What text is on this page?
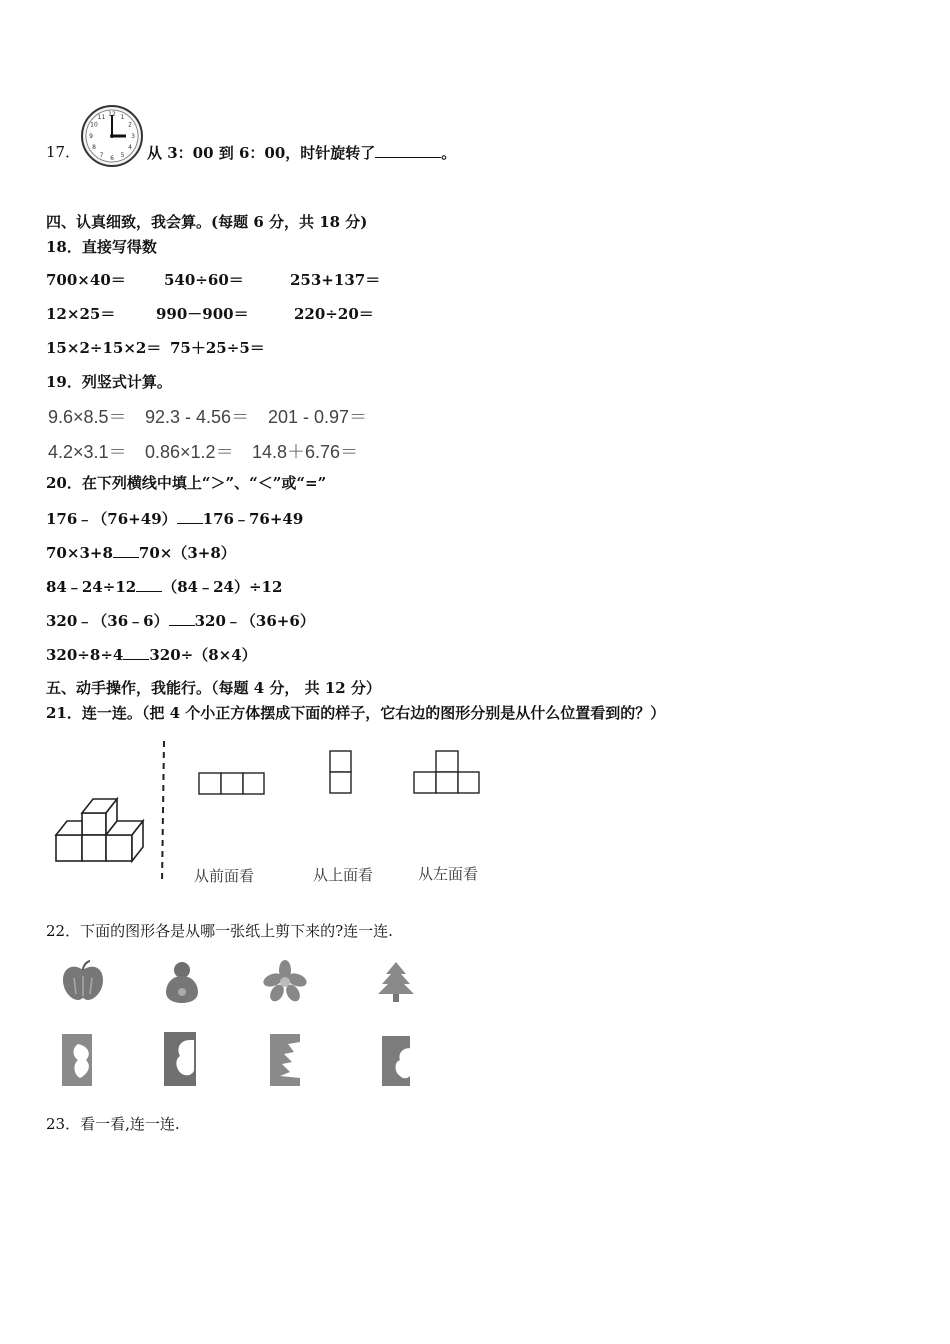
17．
12 1
2
3
4
5
6
7
8
9
10
11
从 3：00 到 6：00，时针旋转了	。
四、认真细致，我会算。(每题 6 分，共 18 分)
18．直接写得数
700×40＝	540÷60＝	253+137＝
12×25＝	990－900＝	220÷20＝
15×2÷15×2＝ 75＋25÷5＝
19．列竖式计算。
9.6×8.5＝ 92.3 - 4.56＝ 201 - 0.97＝
4.2×3.1＝ 0.86×1.2＝ 14.8＋6.76＝
20．在下列横线中填上“＞”、“＜”或“=”
176﹣（76+49） 176﹣76+49
70×3+8 70×（3+8）
84﹣24÷12 （84﹣24）÷12
320﹣（36﹣6） 320﹣（36+6）
320÷8÷4 320÷（8×4）
五、动手操作，我能行。（每题 4 分， 共 12 分）
21．连一连。（把 4 个小正方体摆成下面的样子，它右边的图形分别是从什么位置看到的？）
从前面看	从上面看	从左面看
22．下面的图形各是从哪一张纸上剪下来的?连一连.
23．看一看,连一连.
